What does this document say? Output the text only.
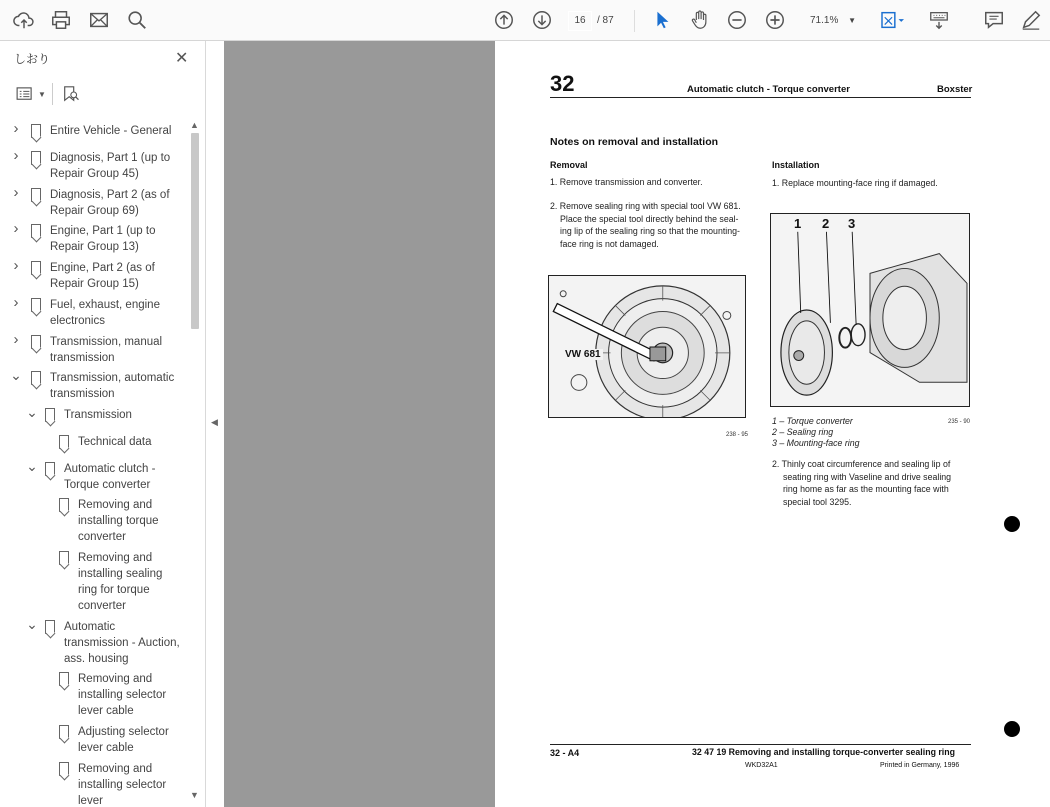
16	/ 87	71.1% ▼
しおり	✕
▼
›	Entire Vehicle - General
›	Diagnosis, Part 1 (up to
Repair Group 45)
›	Diagnosis, Part 2 (as of
Repair Group 69)
›	Engine, Part 1 (up to
Repair Group 13)
›	Engine, Part 2 (as of
Repair Group 15)
›	Fuel, exhaust, engine
electronics
›	Transmission, manual
transmission
⌄ Transmission, automatic
transmission
⌄ Transmission
Technical data
⌄ Automatic clutch -
Torque converter
Removing and
installing torque
converter
Removing and
installing sealing
ring for torque
converter
⌄ Automatic
transmission - Auction,
ass. housing
Removing and
installing selector
lever cable
Adjusting selector
lever cable
Removing and
installing selector
lever
▲
▼
◀
32	Automatic clutch - Torque converter	Boxster
Notes on removal and installation
Removal
1. Remove transmission and converter.
2. Remove sealing ring with special tool VW 681.
Place the special tool directly behind the seal-
ing lip of the sealing ring so that the mounting-
face ring is not damaged.
VW 681
238 - 95
Installation
1. Replace mounting-face ring if damaged.
1 2 3
1 – Torque converter
2 – Sealing ring
3 – Mounting-face ring
235 - 90
2. Thinly coat circumference and sealing lip of
seating ring with Vaseline and drive sealing
ring home as far as the mounting face with
special tool 3295.
32 - A4	32 47 19 Removing and installing torque-converter sealing ring
WKD32A1	Printed in Germany, 1996
